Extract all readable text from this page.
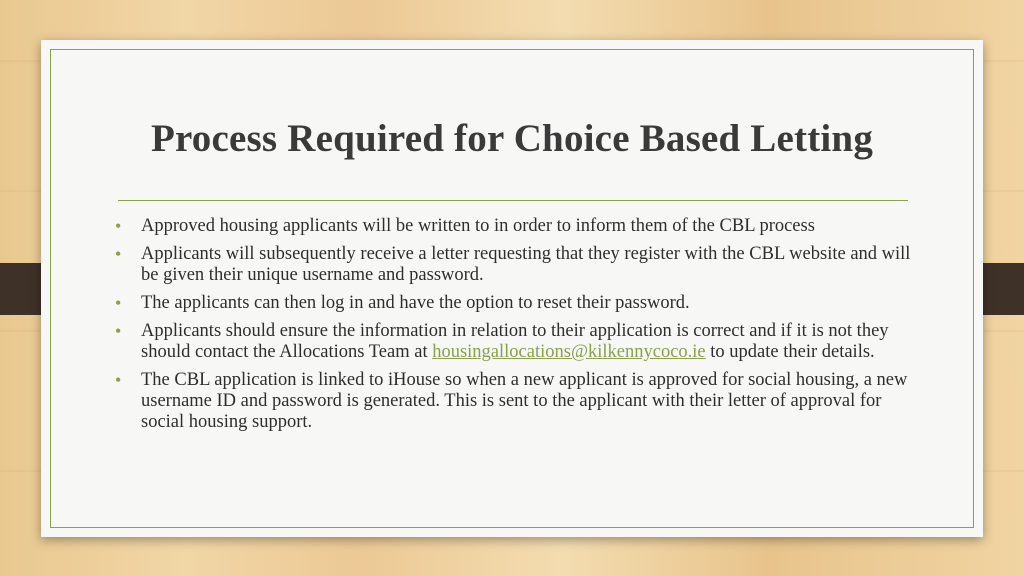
Process Required for Choice Based Letting
• Approved housing applicants will be written to in order to inform them of the CBL process
• Applicants will subsequently receive a letter requesting that they register with the CBL website and will be given their unique username and password.
• The applicants can then log in and have the option to reset their password.
• Applicants should ensure the information in relation to their application is correct and if it is not they should contact the Allocations Team at housingallocations@kilkennycoco.ie to update their details.
• The CBL application is linked to iHouse so when a new applicant is approved for social housing, a new username ID and password is generated. This is sent to the applicant with their letter of approval for social housing support.
